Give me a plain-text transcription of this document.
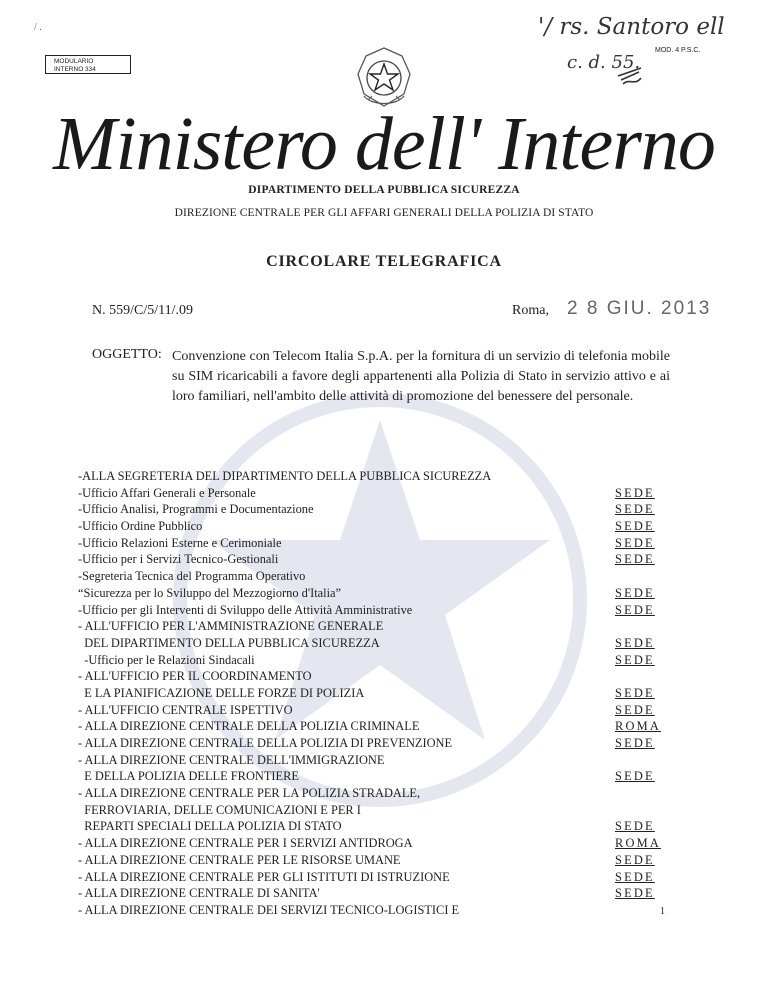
/ .
MODULARIO
INTERNO 334
'/ rs. Santoro ell
c. d. 55.
MOD. 4 P.S.C.
Ministero dell' Interno
DIPARTIMENTO DELLA PUBBLICA SICUREZZA
DIREZIONE CENTRALE PER GLI AFFARI GENERALI DELLA POLIZIA DI STATO
CIRCOLARE TELEGRAFICA
N. 559/C/5/11/.09	Roma, 2 8 GIU. 2013
OGGETTO: Convenzione con Telecom Italia S.p.A. per la fornitura di un servizio di telefonia mobile su SIM ricaricabili a favore degli appartenenti alla Polizia di Stato in servizio attivo e ai loro familiari, nell'ambito delle attività di promozione del benessere del personale.
-ALLA SEGRETERIA DEL DIPARTIMENTO DELLA PUBBLICA SICUREZZA
-Ufficio Affari Generali e Personale	SEDE
-Ufficio Analisi, Programmi e Documentazione	SEDE
-Ufficio Ordine Pubblico	SEDE
-Ufficio Relazioni Esterne e Cerimoniale	SEDE
-Ufficio per i Servizi Tecnico-Gestionali	SEDE
-Segreteria Tecnica del Programma Operativo
“Sicurezza per lo Sviluppo del Mezzogiorno d'Italia”	SEDE
-Ufficio per gli Interventi di Sviluppo delle Attività Amministrative	SEDE
- ALL'UFFICIO PER L'AMMINISTRAZIONE GENERALE
DEL DIPARTIMENTO DELLA PUBBLICA SICUREZZA	SEDE
-Ufficio per le Relazioni Sindacali	SEDE
- ALL'UFFICIO PER IL COORDINAMENTO
E LA PIANIFICAZIONE DELLE FORZE DI POLIZIA	SEDE
- ALL'UFFICIO CENTRALE ISPETTIVO	SEDE
- ALLA DIREZIONE CENTRALE DELLA POLIZIA CRIMINALE	ROMA
- ALLA DIREZIONE CENTRALE DELLA POLIZIA DI PREVENZIONE	SEDE
- ALLA DIREZIONE CENTRALE DELL'IMMIGRAZIONE
E DELLA POLIZIA DELLE FRONTIERE	SEDE
- ALLA DIREZIONE CENTRALE PER LA POLIZIA STRADALE,
FERROVIARIA, DELLE COMUNICAZIONI E PER I
REPARTI SPECIALI DELLA POLIZIA DI STATO	SEDE
- ALLA DIREZIONE CENTRALE PER I SERVIZI ANTIDROGA	ROMA
- ALLA DIREZIONE CENTRALE PER LE RISORSE UMANE	SEDE
- ALLA DIREZIONE CENTRALE PER GLI ISTITUTI DI ISTRUZIONE	SEDE
- ALLA DIREZIONE CENTRALE DI SANITA'	SEDE
- ALLA DIREZIONE CENTRALE DEI SERVIZI TECNICO-LOGISTICI E	1
